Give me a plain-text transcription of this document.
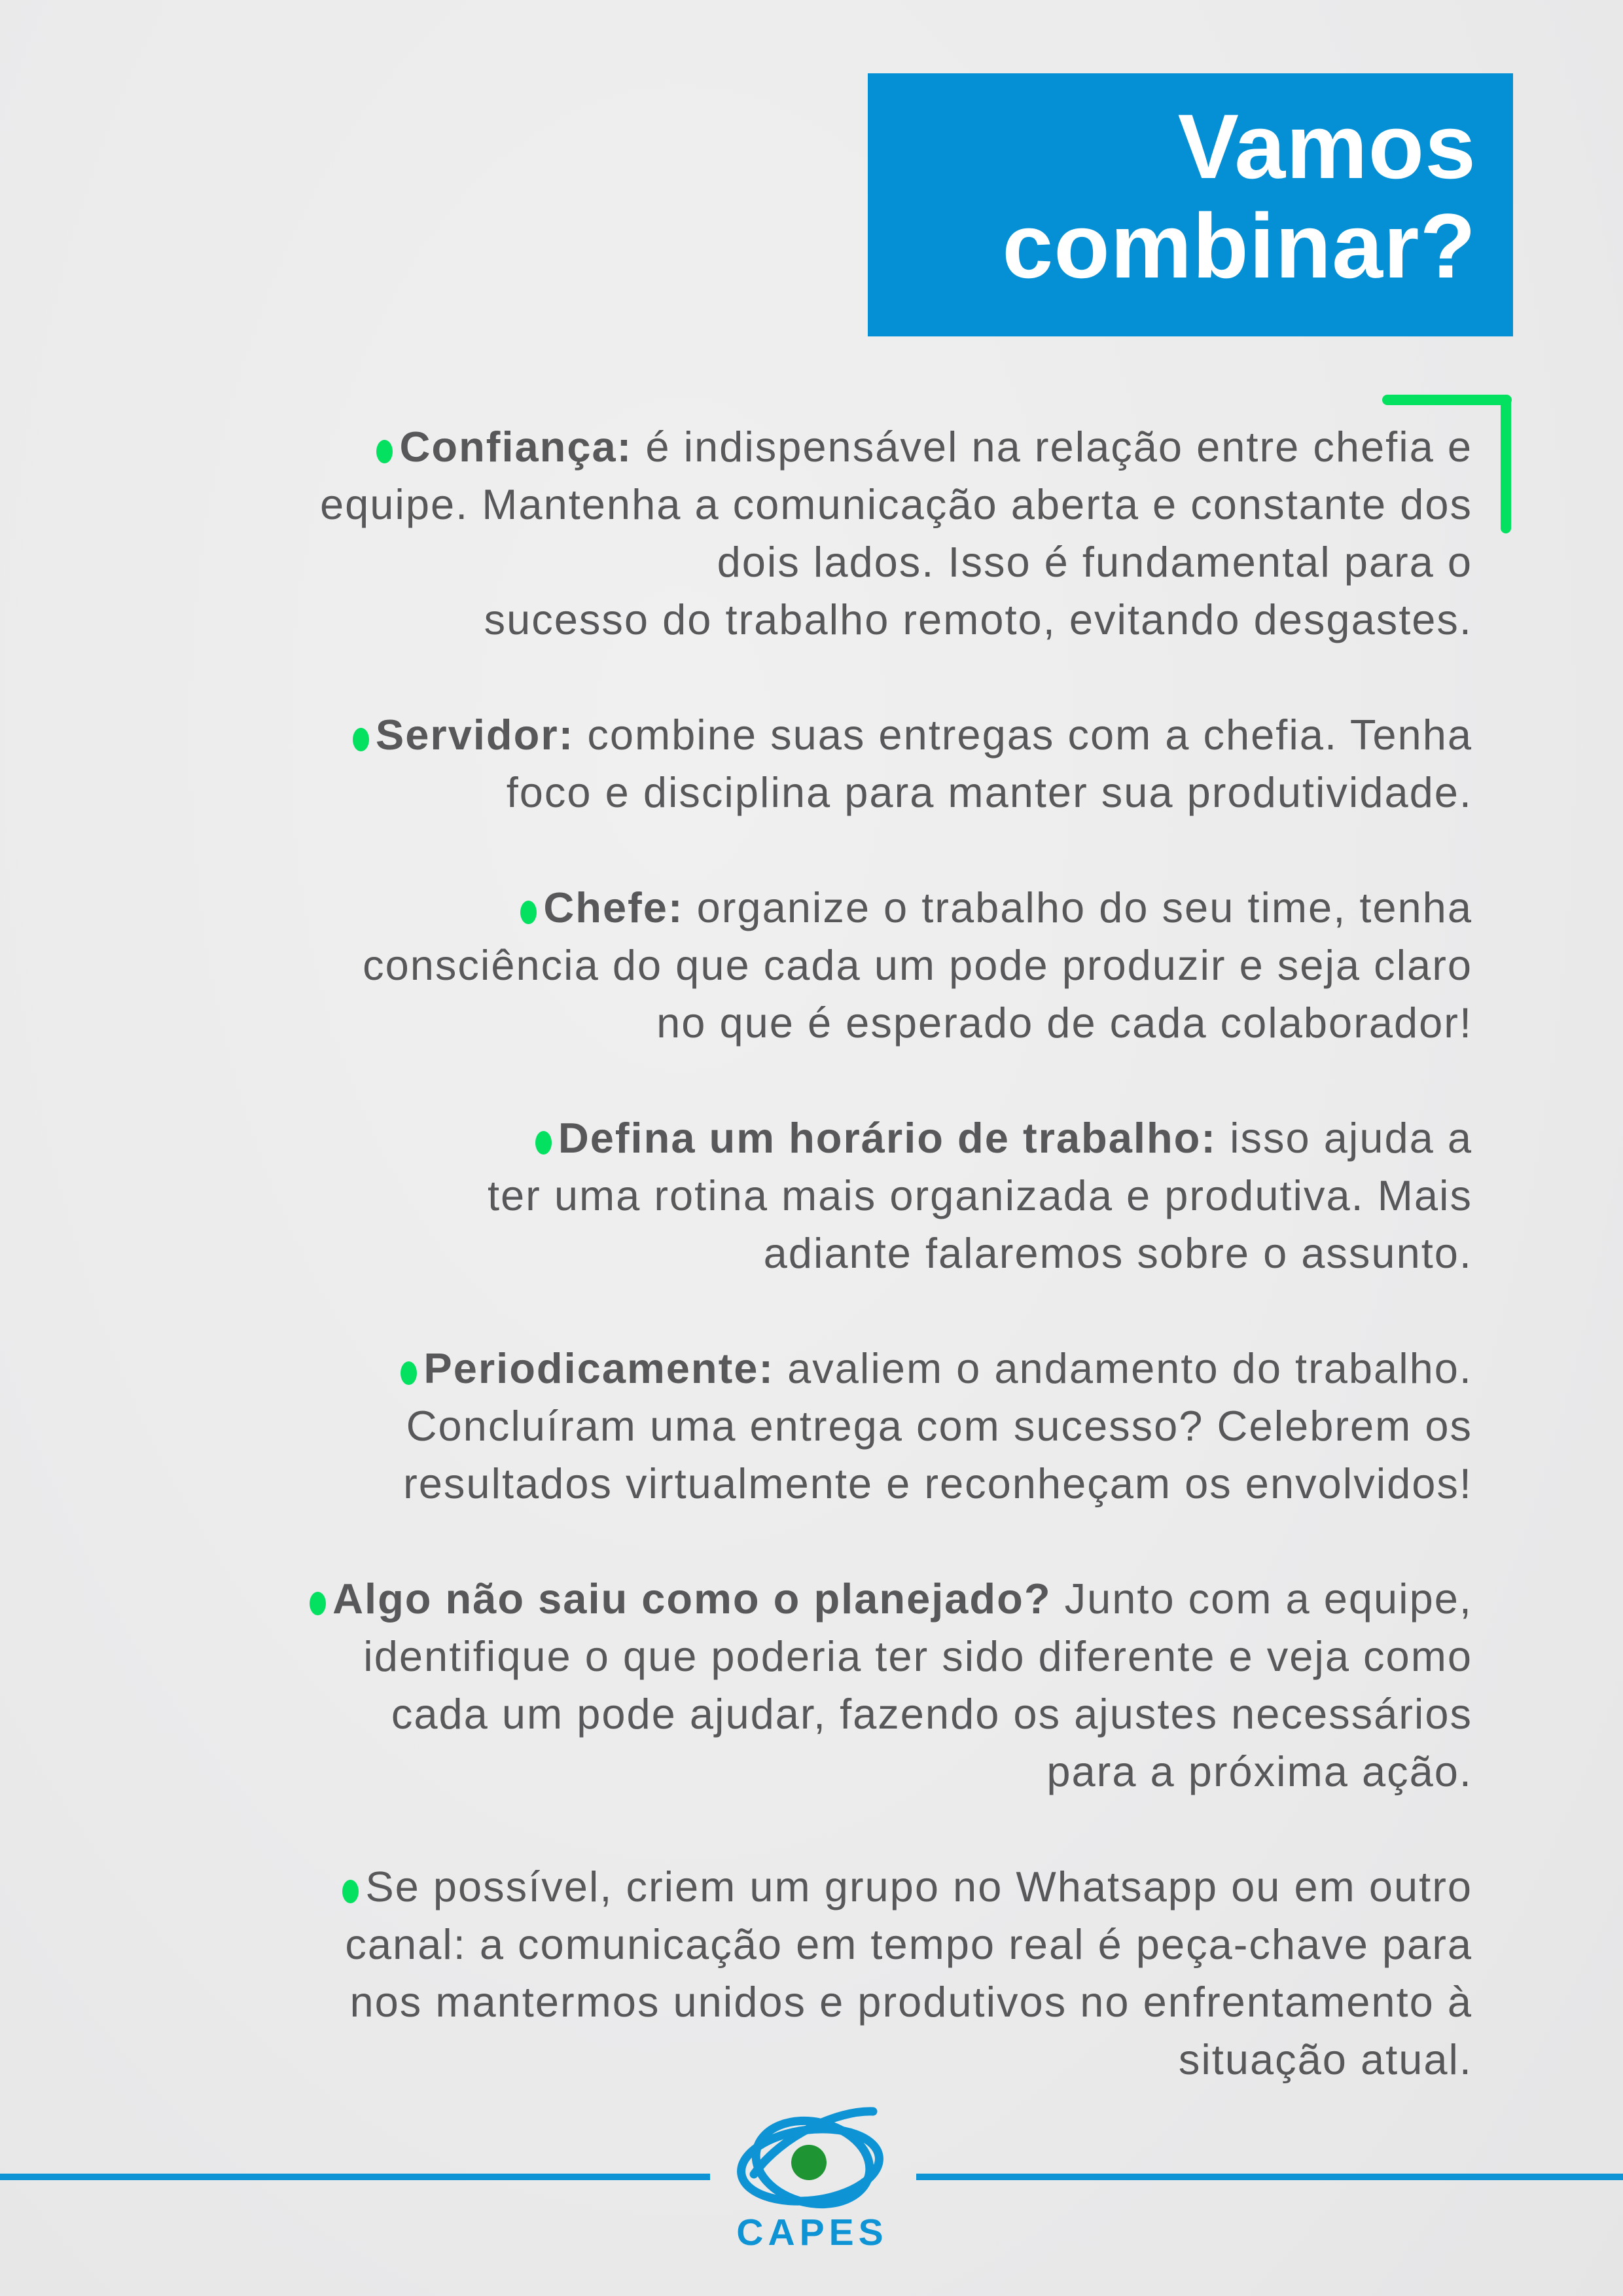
Vamos
combinar?
Confiança: é indispensável na relação entre chefia e
equipe. Mantenha a comunicação aberta e constante dos
dois lados. Isso é fundamental para o
sucesso do trabalho remoto, evitando desgastes.
Servidor: combine suas entregas com a chefia. Tenha
foco e disciplina para manter sua produtividade.
Chefe: organize o trabalho do seu time, tenha
consciência do que cada um pode produzir e seja claro
no que é esperado de cada colaborador!
Defina um horário de trabalho: isso ajuda a
ter uma rotina mais organizada e produtiva. Mais
adiante falaremos sobre o assunto.
Periodicamente: avaliem o andamento do trabalho.
Concluíram uma entrega com sucesso? Celebrem os
resultados virtualmente e reconheçam os envolvidos!
Algo não saiu como o planejado? Junto com a equipe,
identifique o que poderia ter sido diferente e veja como
cada um pode ajudar, fazendo os ajustes necessários
para a próxima ação.
Se possível, criem um grupo no Whatsapp ou em outro
canal: a comunicação em tempo real é peça-chave para
nos mantermos unidos e produtivos no enfrentamento à
situação atual.
CAPES
